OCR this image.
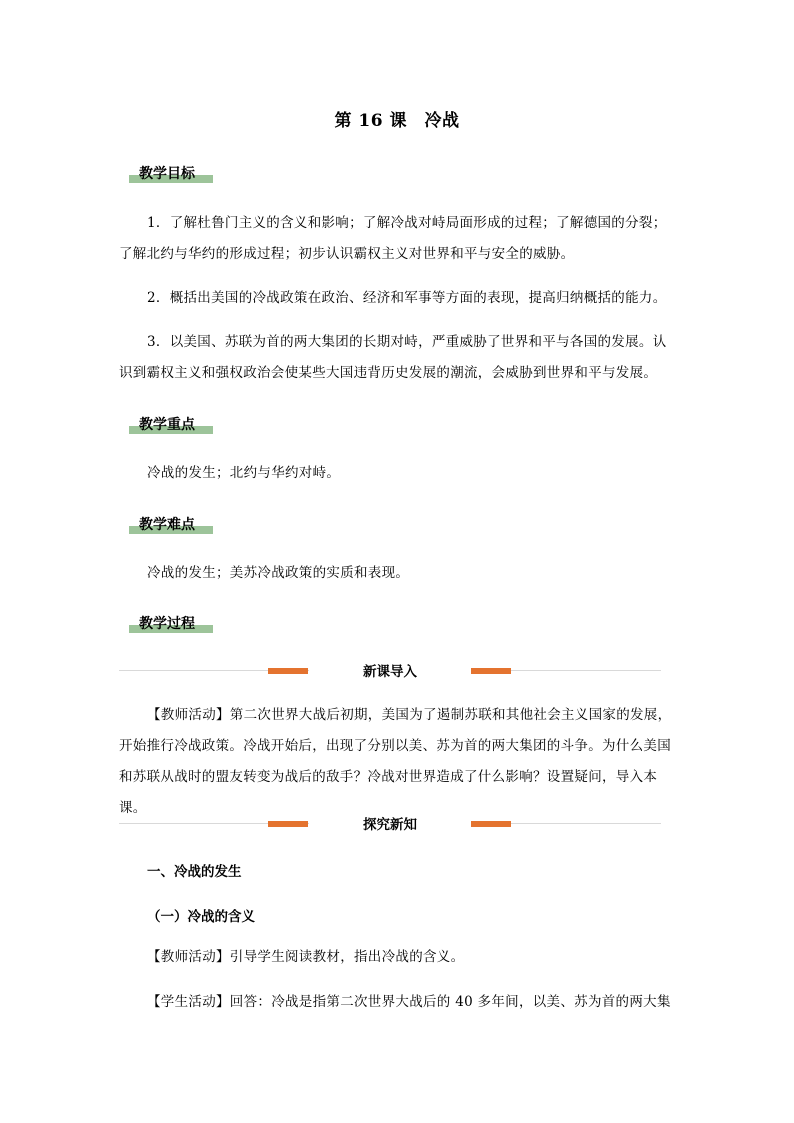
第 16 课　冷战
教学目标

1．了解杜鲁门主义的含义和影响；了解冷战对峙局面形成的过程；了解德国的分裂；了解北约与华约的形成过程；初步认识霸权主义对世界和平与安全的威胁。

2．概括出美国的冷战政策在政治、经济和军事等方面的表现，提高归纳概括的能力。

3．以美国、苏联为首的两大集团的长期对峙，严重威胁了世界和平与各国的发展。认识到霸权主义和强权政治会使某些大国违背历史发展的潮流，会威胁到世界和平与发展。

教学重点

冷战的发生；北约与华约对峙。

教学难点

冷战的发生；美苏冷战政策的实质和表现。

教学过程
新课导入

【教师活动】第二次世界大战后初期，美国为了遏制苏联和其他社会主义国家的发展，开始推行冷战政策。冷战开始后，出现了分别以美、苏为首的两大集团的斗争。为什么美国和苏联从战时的盟友转变为战后的敌手？冷战对世界造成了什么影响？设置疑问，导入本课。

探究新知
一、冷战的发生
（一）冷战的含义

【教师活动】引导学生阅读教材，指出冷战的含义。

【学生活动】回答：冷战是指第二次世界大战后的 40 多年间，以美、苏为首的两大集
